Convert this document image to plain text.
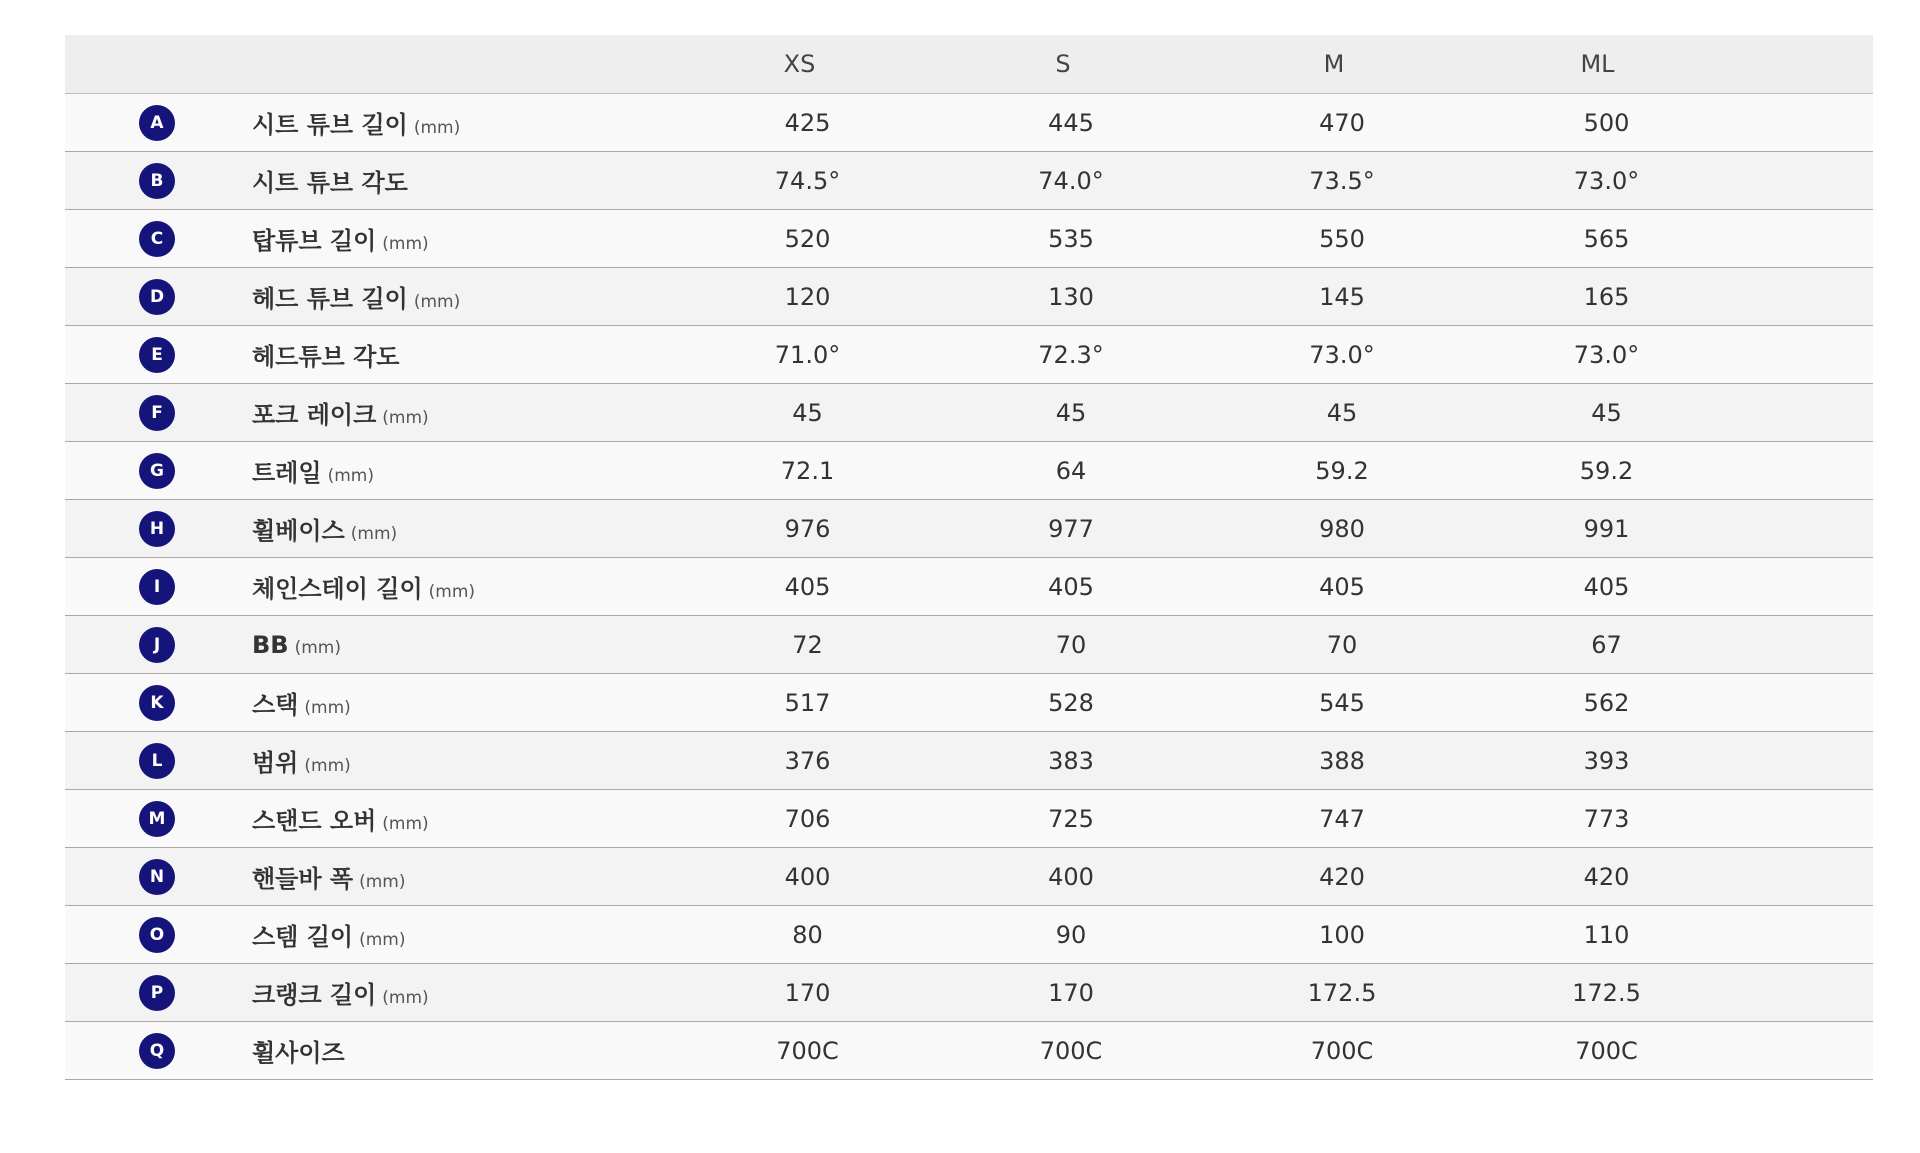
		XS	S	M	ML
A	시트 튜브 길이 (mm)	425	445	470	500
B	시트 튜브 각도	74.5°	74.0°	73.5°	73.0°
C	탑튜브 길이 (mm)	520	535	550	565
D	헤드 튜브 길이 (mm)	120	130	145	165
E	헤드튜브 각도	71.0°	72.3°	73.0°	73.0°
F	포크 레이크 (mm)	45	45	45	45
G	트레일 (mm)	72.1	64	59.2	59.2
H	휠베이스 (mm)	976	977	980	991
I	체인스테이 길이 (mm)	405	405	405	405
J	BB (mm)	72	70	70	67
K	스택 (mm)	517	528	545	562
L	범위 (mm)	376	383	388	393
M	스탠드 오버 (mm)	706	725	747	773
N	핸들바 폭 (mm)	400	400	420	420
O	스템 길이 (mm)	80	90	100	110
P	크랭크 길이 (mm)	170	170	172.5	172.5
Q	휠사이즈	700C	700C	700C	700C
